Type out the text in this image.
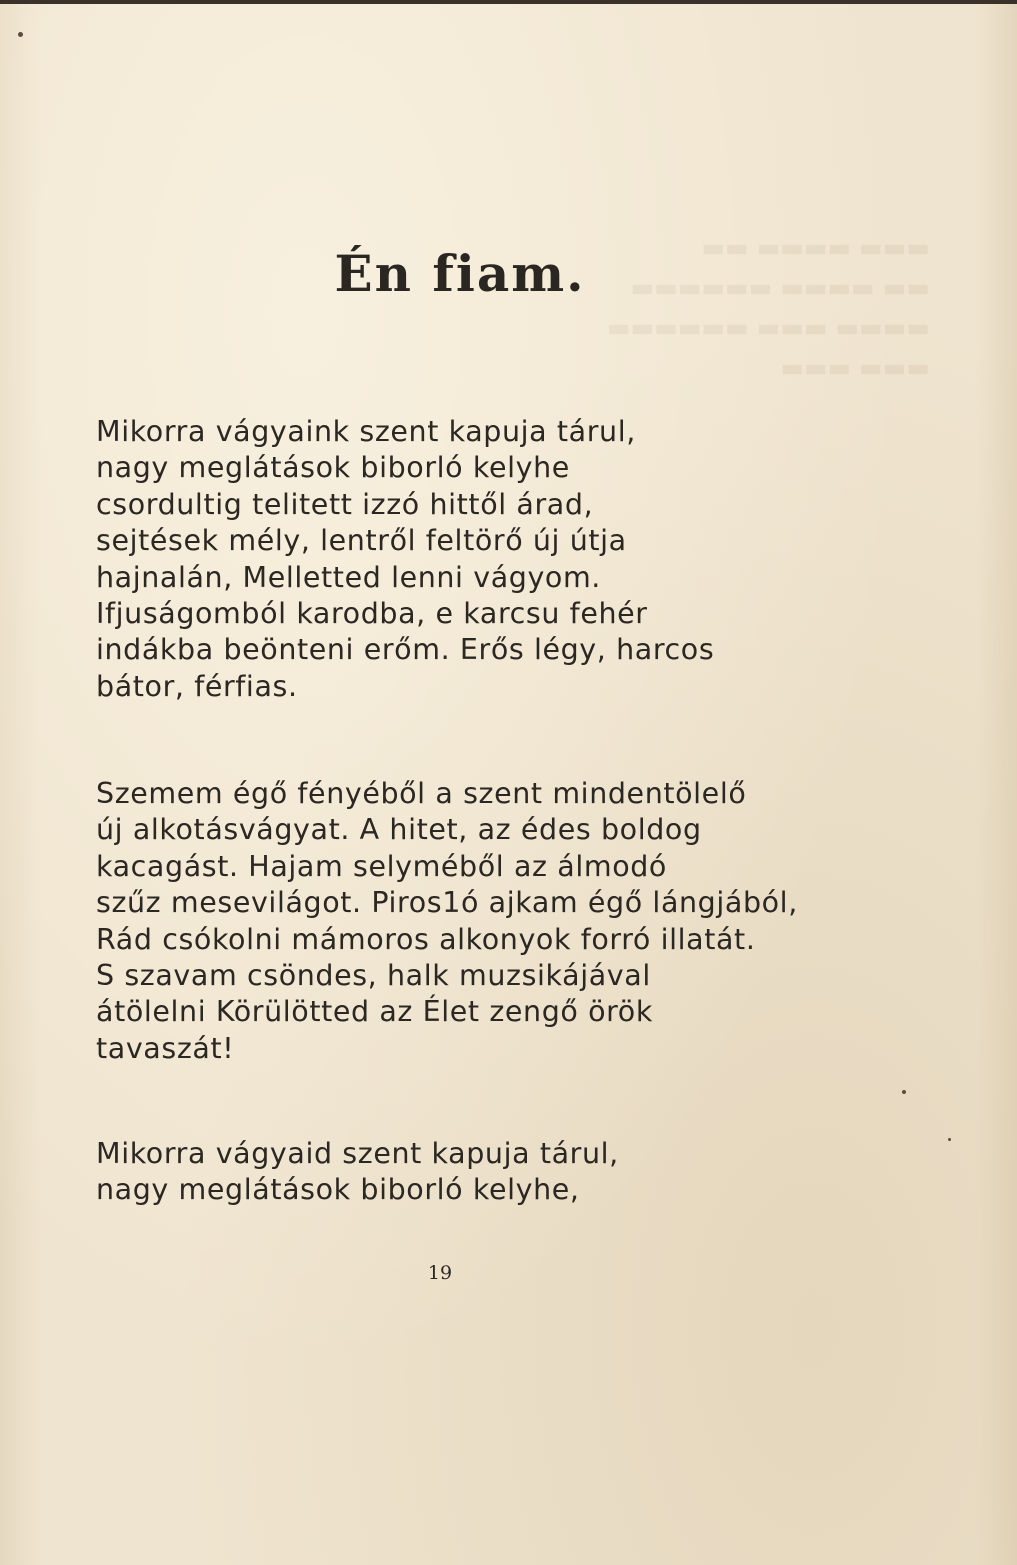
▬▬▬ ▬▬▬▬ ▬▬
▬▬ ▬▬▬▬ ▬▬▬▬▬▬
▬▬▬▬ ▬▬▬ ▬▬▬▬▬▬
▬▬▬ ▬▬▬
Én fiam.
Mikorra vágyaink szent kapuja tárul,
nagy meglátások biborló kelyhe
csordultig telitett izzó hittől árad,
sejtések mély, lentről feltörő új útja
hajnalán, Melletted lenni vágyom.
Ifjuságomból karodba, e karcsu fehér
indákba beönteni erőm. Erős légy, harcos
bátor, férfias.
Szemem égő fényéből a szent mindentölelő
új alkotásvágyat. A hitet, az édes boldog
kacagást. Hajam selyméből az álmodó
szűz mesevilágot. Piros1ó ajkam égő lángjából,
Rád csókolni mámoros alkonyok forró illatát.
S szavam csöndes, halk muzsikájával
átölelni Körülötted az Élet zengő örök
tavaszát!
Mikorra vágyaid szent kapuja tárul,
nagy meglátások biborló kelyhe,
19
